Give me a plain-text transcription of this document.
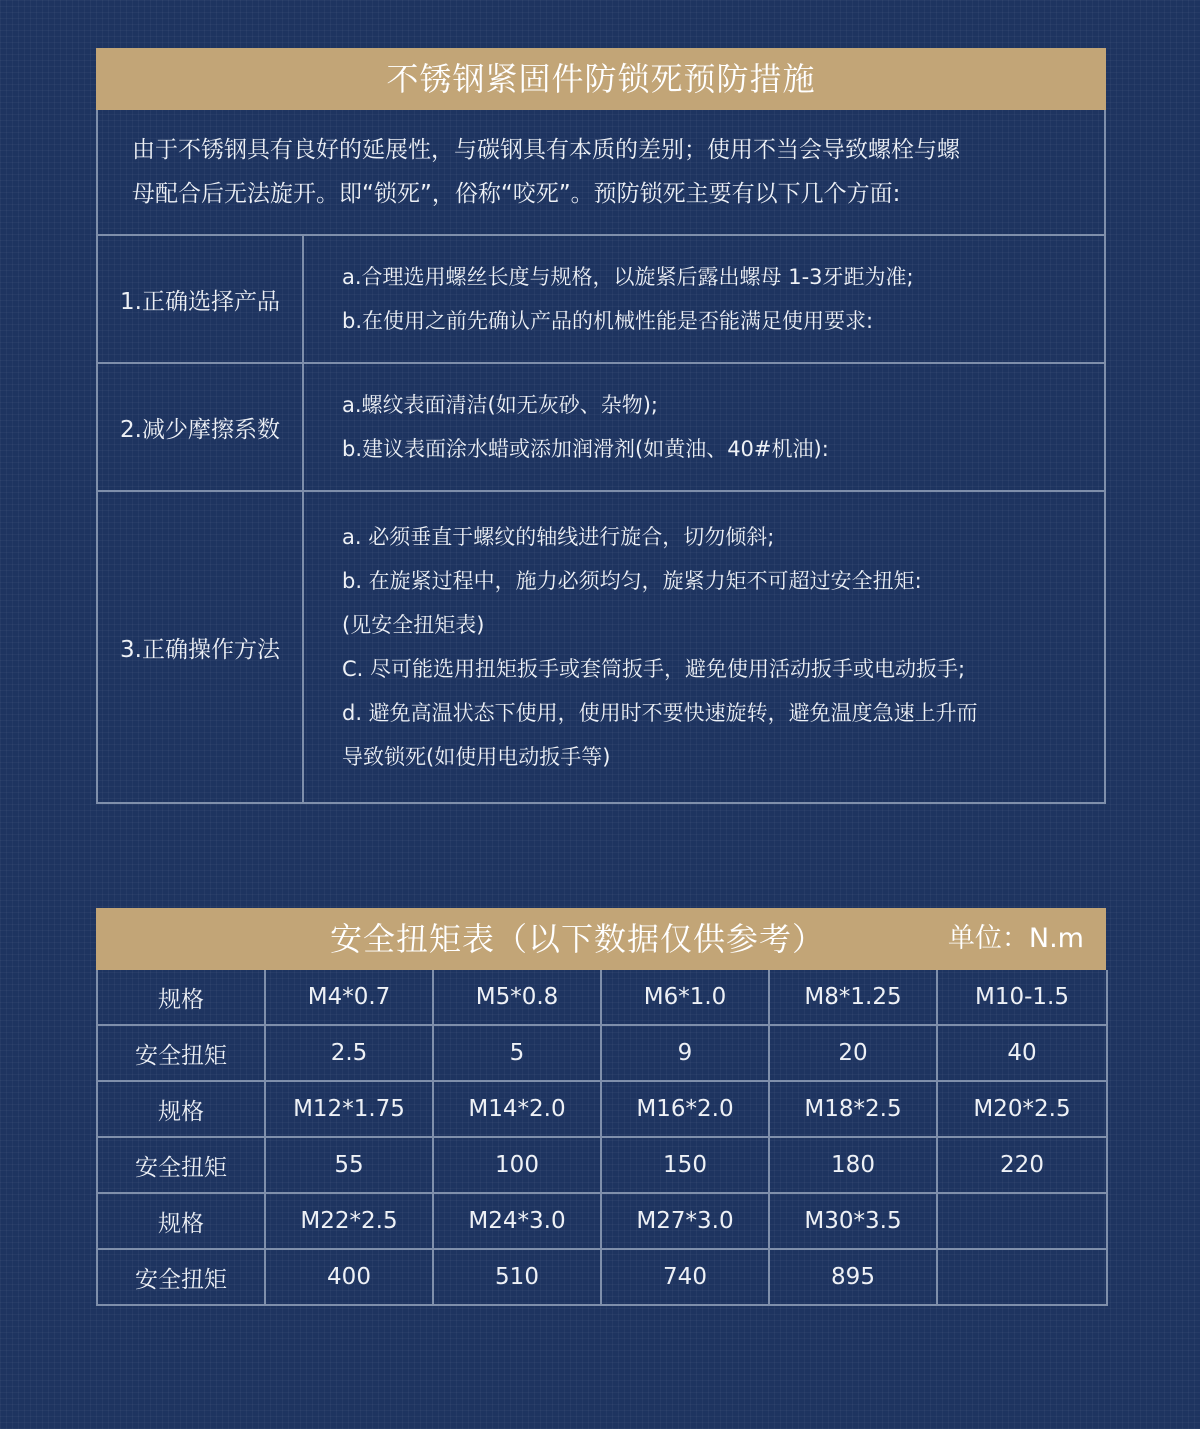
不锈钢紧固件防锁死预防措施
由于不锈钢具有良好的延展性，与碳钢具有本质的差别；使用不当会导致螺栓与螺
母配合后无法旋开。即“锁死”，俗称“咬死”。预防锁死主要有以下几个方面:
1.正确选择产品
a.合理选用螺丝长度与规格，以旋紧后露出螺母 1-3牙距为准;
b.在使用之前先确认产品的机械性能是否能满足使用要求:
2.减少摩擦系数
a.螺纹表面清洁(如无灰砂、杂物);
b.建议表面涂水蜡或添加润滑剂(如黄油、40#机油):
3.正确操作方法
a. 必须垂直于螺纹的轴线进行旋合，切勿倾斜;
b. 在旋紧过程中，施力必须均匀，旋紧力矩不可超过安全扭矩:
(见安全扭矩表)
C. 尽可能选用扭矩扳手或套筒扳手，避免使用活动扳手或电动扳手;
d. 避免高温状态下使用，使用时不要快速旋转，避免温度急速上升而
导致锁死(如使用电动扳手等)
安全扭矩表（以下数据仅供参考）	单位：N.m
规格	M4*0.7	M5*0.8	M6*1.0	M8*1.25	M10-1.5
安全扭矩	2.5	5	9	20	40
规格	M12*1.75	M14*2.0	M16*2.0	M18*2.5	M20*2.5
安全扭矩	55	100	150	180	220
规格	M22*2.5	M24*3.0	M27*3.0	M30*3.5	
安全扭矩	400	510	740	895	
